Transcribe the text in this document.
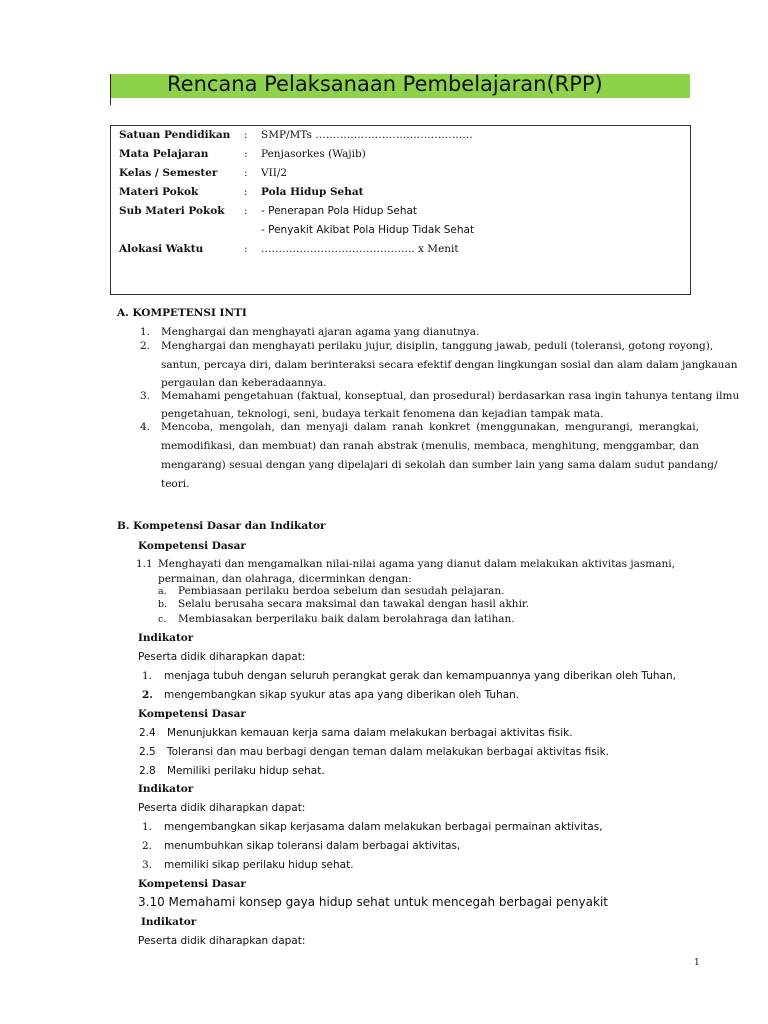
Rencana Pelaksanaan Pembelajaran(RPP)
Satuan Pendidikan : SMP/MTs ………………………………………
Mata Pelajaran	: Penjasorkes (Wajib)
Kelas / Semester	: VII/2
Materi Pokok	: Pola Hidup Sehat
Sub Materi Pokok : - Penerapan Pola Hidup Sehat
- Penyakit Akibat Pola Hidup Tidak Sehat
Alokasi Waktu	: …………………………………….. x Menit
A. KOMPETENSI INTI
1. Menghargai dan menghayati ajaran agama yang dianutnya.
2. Menghargai dan menghayati perilaku jujur, disiplin, tanggung jawab, peduli (toleransi, gotong royong),
santun, percaya diri, dalam berinteraksi secara efektif dengan lingkungan sosial dan alam dalam jangkauan
pergaulan dan keberadaannya.
3. Memahami pengetahuan (faktual, konseptual, dan prosedural) berdasarkan rasa ingin tahunya tentang ilmu
pengetahuan, teknologi, seni, budaya terkait fenomena dan kejadian tampak mata.
4. Mencoba, mengolah, dan menyaji dalam ranah konkret (menggunakan, mengurangi, merangkai,
memodifikasi, dan membuat) dan ranah abstrak (menulis, membaca, menghitung, menggambar, dan
mengarang) sesuai dengan yang dipelajari di sekolah dan sumber lain yang sama dalam sudut pandang/
teori.
B. Kompetensi Dasar dan Indikator
Kompetensi Dasar
1.1 Menghayati dan mengamalkan nilai-nilai agama yang dianut dalam melakukan aktivitas jasmani,
permainan, dan olahraga, dicerminkan dengan:
a. Pembiasaan perilaku berdoa sebelum dan sesudah pelajaran.
b. Selalu berusaha secara maksimal dan tawakal dengan hasil akhir.
c. Membiasakan berperilaku baik dalam berolahraga dan latihan.
Indikator
Peserta didik diharapkan dapat:
1. menjaga tubuh dengan seluruh perangkat gerak dan kemampuannya yang diberikan oleh Tuhan,
2. mengembangkan sikap syukur atas apa yang diberikan oleh Tuhan.
Kompetensi Dasar
2.4 Menunjukkan kemauan kerja sama dalam melakukan berbagai aktivitas fisik.
2.5 Toleransi dan mau berbagi dengan teman dalam melakukan berbagai aktivitas fisik.
2.8 Memiliki perilaku hidup sehat.
Indikator
Peserta didik diharapkan dapat:
1. mengembangkan sikap kerjasama dalam melakukan berbagai permainan aktivitas,
2. menumbuhkan sikap toleransi dalam berbagai aktivitas,
3. memiliki sikap perilaku hidup sehat.
Kompetensi Dasar
3.10 Memahami konsep gaya hidup sehat untuk mencegah berbagai penyakit
Indikator
Peserta didik diharapkan dapat:
1
